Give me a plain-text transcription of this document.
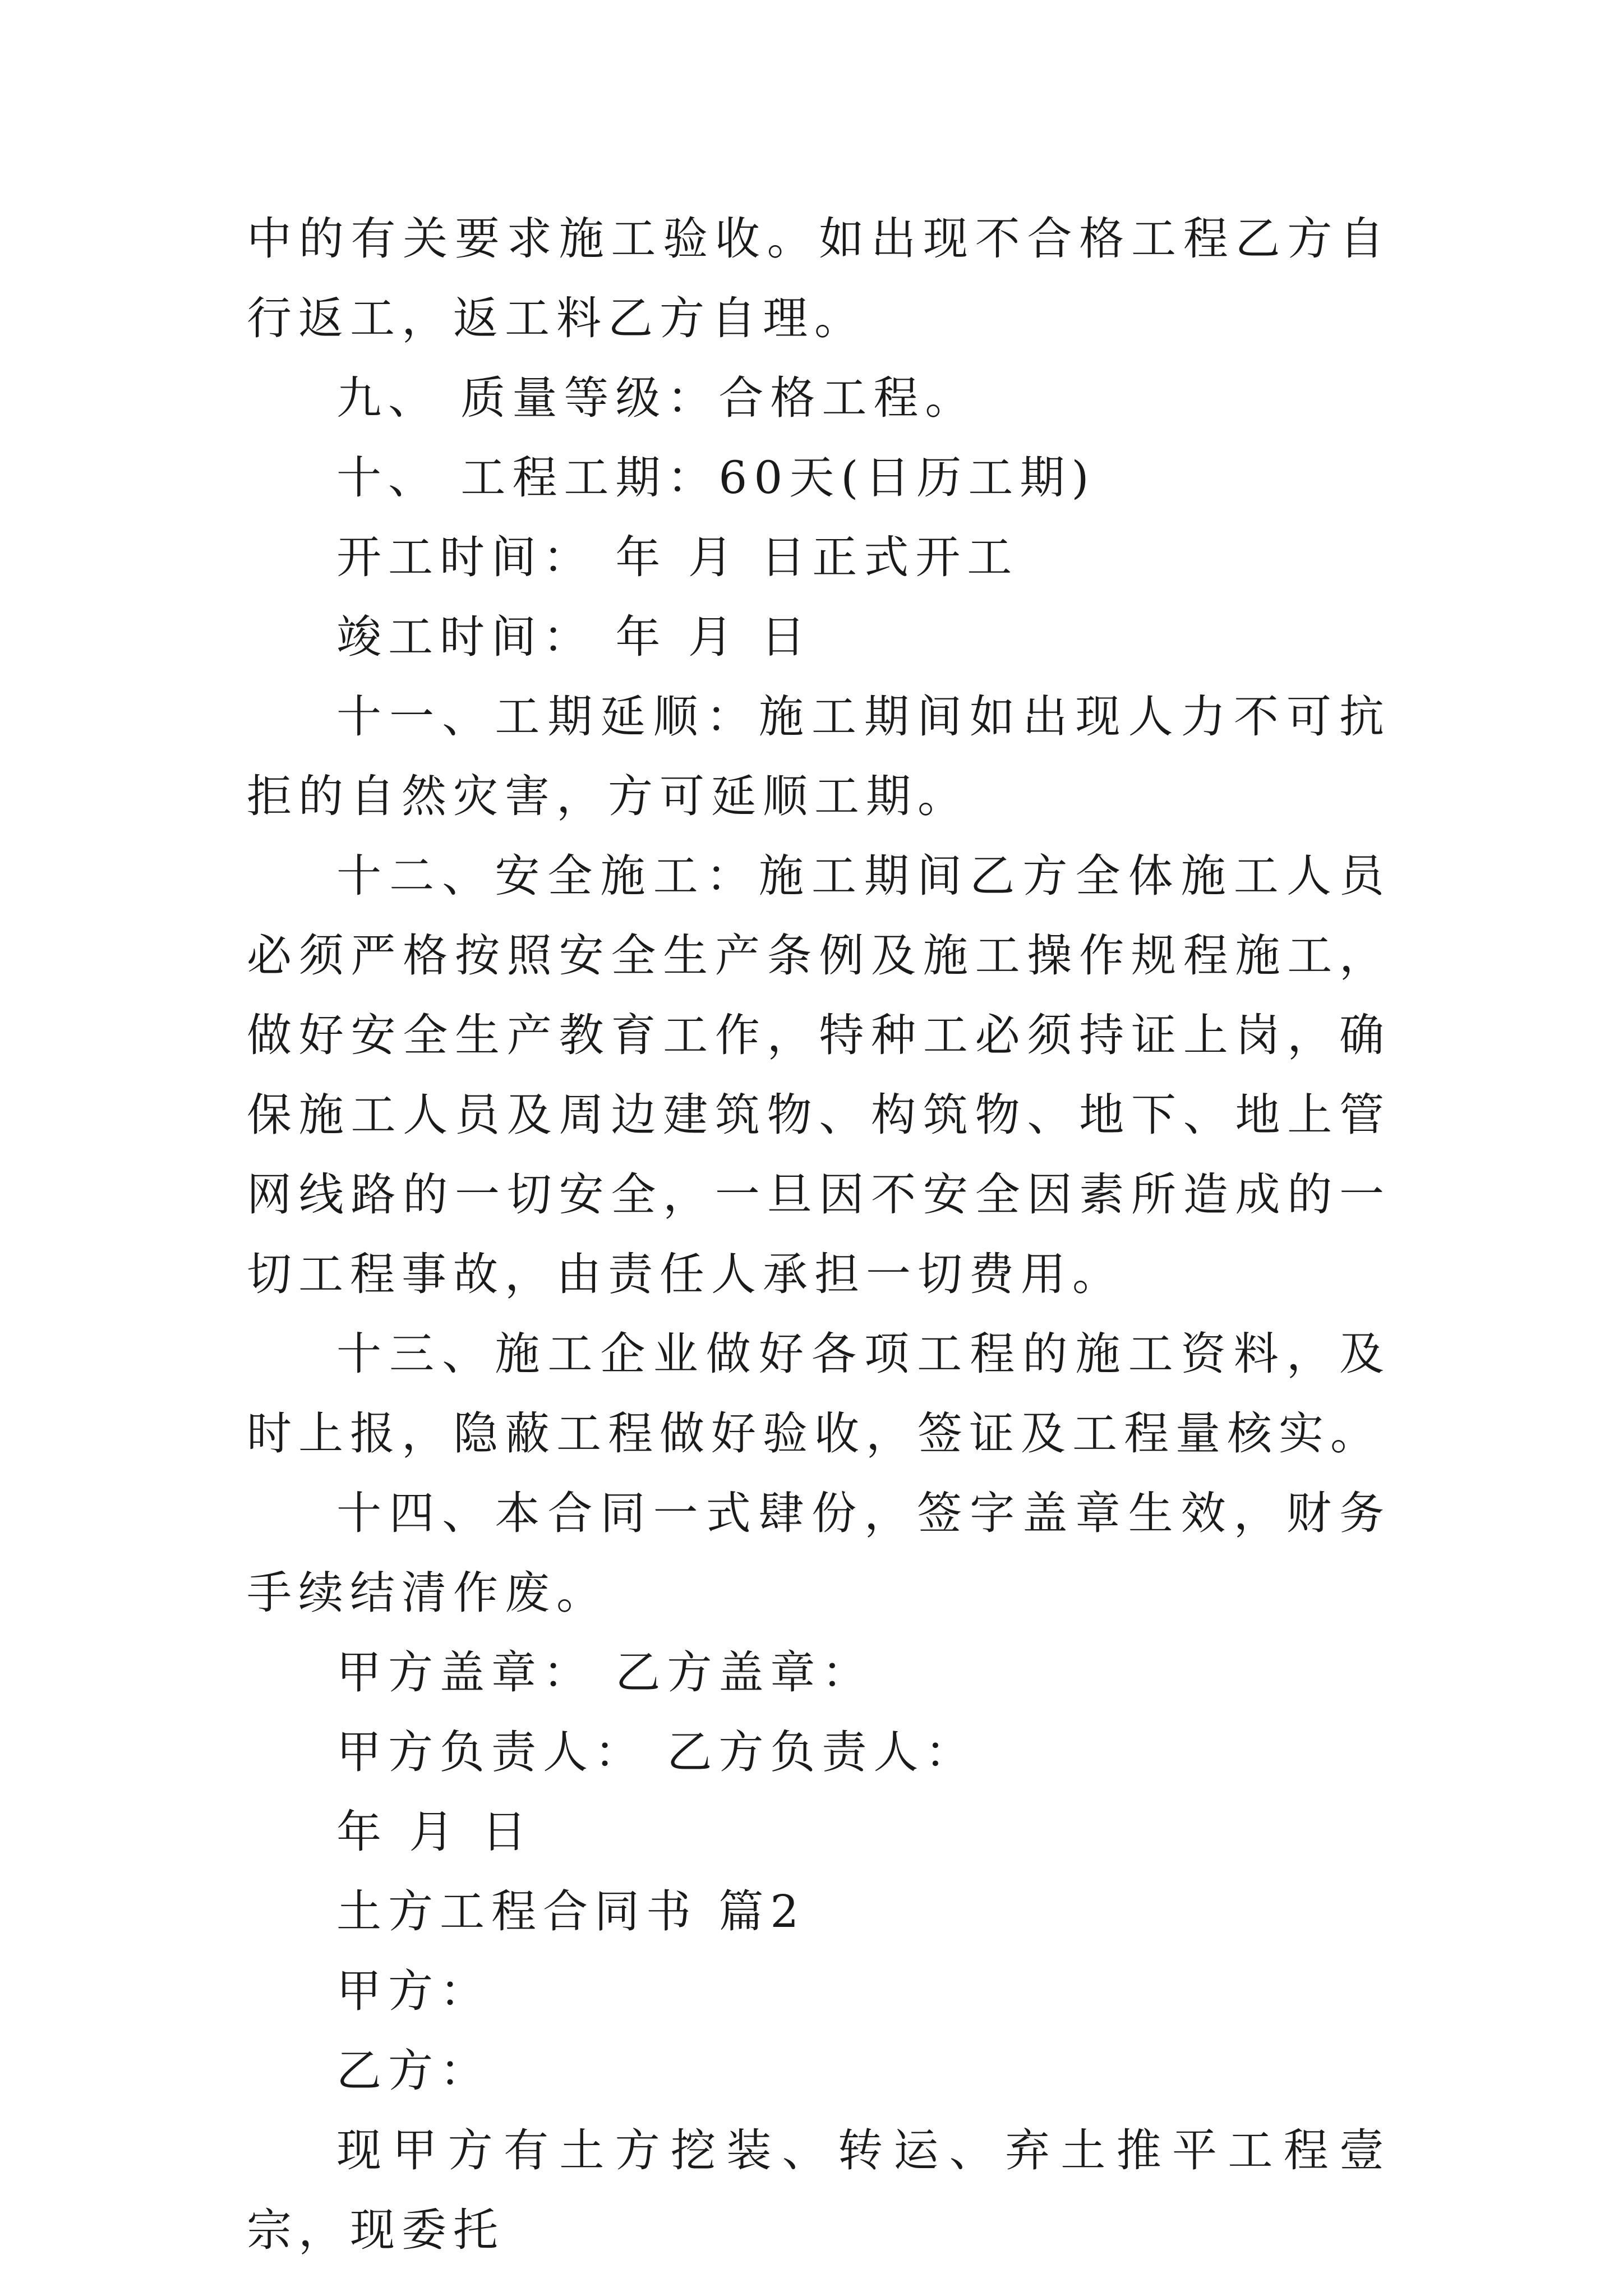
中的有关要求施工验收。如出现不合格工程乙方自行返工，返工料乙方自理。

九、 质量等级：合格工程。

十、 工程工期：60天(日历工期)

开工时间： 年 月 日正式开工

竣工时间： 年 月 日

十一、工期延顺：施工期间如出现人力不可抗拒的自然灾害，方可延顺工期。

十二、安全施工：施工期间乙方全体施工人员必须严格按照安全生产条例及施工操作规程施工，做好安全生产教育工作，特种工必须持证上岗，确保施工人员及周边建筑物、构筑物、地下、地上管网线路的一切安全，一旦因不安全因素所造成的一切工程事故，由责任人承担一切费用。

十三、施工企业做好各项工程的施工资料，及时上报，隐蔽工程做好验收，签证及工程量核实。

十四、本合同一式肆份，签字盖章生效，财务手续结清作废。

甲方盖章： 乙方盖章：

甲方负责人： 乙方负责人：

年 月 日

土方工程合同书 篇2

甲方：

乙方：

现甲方有土方挖装、转运、弃土推平工程壹宗，现委托
